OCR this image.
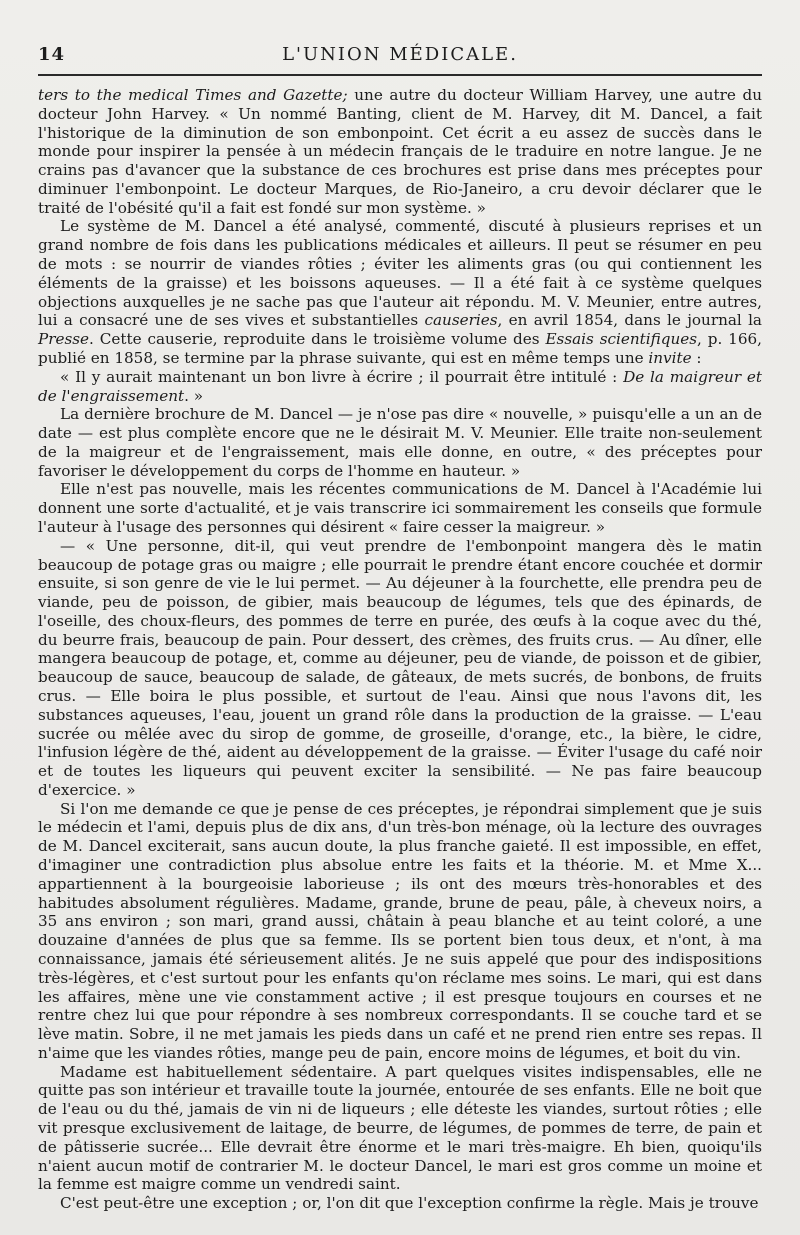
14	L'UNION MÉDICALE.

ters to the medical Times and Gazette; une autre du docteur William Harvey, une autre du docteur John Harvey. « Un nommé Banting, client de M. Harvey, dit M. Dancel, a fait l'historique de la diminution de son embonpoint. Cet écrit a eu assez de succès dans le monde pour inspirer la pensée à un médecin français de le traduire en notre langue. Je ne crains pas d'avancer que la substance de ces brochures est prise dans mes préceptes pour diminuer l'embonpoint. Le docteur Marques, de Rio-Janeiro, a cru devoir déclarer que le traité de l'obésité qu'il a fait est fondé sur mon système. »

Le système de M. Dancel a été analysé, commenté, discuté à plusieurs reprises et un grand nombre de fois dans les publications médicales et ailleurs. Il peut se résumer en peu de mots : se nourrir de viandes rôties ; éviter les aliments gras (ou qui contiennent les éléments de la graisse) et les boissons aqueuses. — Il a été fait à ce système quelques objections auxquelles je ne sache pas que l'auteur ait répondu. M. V. Meunier, entre autres, lui a consacré une de ses vives et substantielles causeries, en avril 1854, dans le journal la Presse. Cette causerie, reproduite dans le troisième volume des Essais scientifiques, p. 166, publié en 1858, se termine par la phrase suivante, qui est en même temps une invite :

« Il y aurait maintenant un bon livre à écrire ; il pourrait être intitulé : De la maigreur et de l'engraissement. »

La dernière brochure de M. Dancel — je n'ose pas dire « nouvelle, » puisqu'elle a un an de date — est plus complète encore que ne le désirait M. V. Meunier. Elle traite non-seulement de la maigreur et de l'engraissement, mais elle donne, en outre, « des préceptes pour favoriser le développement du corps de l'homme en hauteur. »

Elle n'est pas nouvelle, mais les récentes communications de M. Dancel à l'Académie lui donnent une sorte d'actualité, et je vais transcrire ici sommairement les conseils que formule l'auteur à l'usage des personnes qui désirent « faire cesser la maigreur. »

— « Une personne, dit-il, qui veut prendre de l'embonpoint mangera dès le matin beaucoup de potage gras ou maigre ; elle pourrait le prendre étant encore couchée et dormir ensuite, si son genre de vie le lui permet. — Au déjeuner à la fourchette, elle prendra peu de viande, peu de poisson, de gibier, mais beaucoup de légumes, tels que des épinards, de l'oseille, des choux-fleurs, des pommes de terre en purée, des œufs à la coque avec du thé, du beurre frais, beaucoup de pain. Pour dessert, des crèmes, des fruits crus. — Au dîner, elle mangera beaucoup de potage, et, comme au déjeuner, peu de viande, de poisson et de gibier, beaucoup de sauce, beaucoup de salade, de gâteaux, de mets sucrés, de bonbons, de fruits crus. — Elle boira le plus possible, et surtout de l'eau. Ainsi que nous l'avons dit, les substances aqueuses, l'eau, jouent un grand rôle dans la production de la graisse. — L'eau sucrée ou mêlée avec du sirop de gomme, de groseille, d'orange, etc., la bière, le cidre, l'infusion légère de thé, aident au développement de la graisse. — Éviter l'usage du café noir et de toutes les liqueurs qui peuvent exciter la sensibilité. — Ne pas faire beaucoup d'exercice. »

Si l'on me demande ce que je pense de ces préceptes, je répondrai simplement que je suis le médecin et l'ami, depuis plus de dix ans, d'un très-bon ménage, où la lecture des ouvrages de M. Dancel exciterait, sans aucun doute, la plus franche gaieté. Il est impossible, en effet, d'imaginer une contradiction plus absolue entre les faits et la théorie. M. et Mme X... appartiennent à la bourgeoisie laborieuse ; ils ont des mœurs très-honorables et des habitudes absolument régulières. Madame, grande, brune de peau, pâle, à cheveux noirs, a 35 ans environ ; son mari, grand aussi, châtain à peau blanche et au teint coloré, a une douzaine d'années de plus que sa femme. Ils se portent bien tous deux, et n'ont, à ma connaissance, jamais été sérieusement alités. Je ne suis appelé que pour des indispositions très-légères, et c'est surtout pour les enfants qu'on réclame mes soins. Le mari, qui est dans les affaires, mène une vie constamment active ; il est presque toujours en courses et ne rentre chez lui que pour répondre à ses nombreux correspondants. Il se couche tard et se lève matin. Sobre, il ne met jamais les pieds dans un café et ne prend rien entre ses repas. Il n'aime que les viandes rôties, mange peu de pain, encore moins de légumes, et boit du vin.

Madame est habituellement sédentaire. A part quelques visites indispensables, elle ne quitte pas son intérieur et travaille toute la journée, entourée de ses enfants. Elle ne boit que de l'eau ou du thé, jamais de vin ni de liqueurs ; elle déteste les viandes, surtout rôties ; elle vit presque exclusivement de laitage, de beurre, de légumes, de pommes de terre, de pain et de pâtisserie sucrée... Elle devrait être énorme et le mari très-maigre. Eh bien, quoiqu'ils n'aient aucun motif de contrarier M. le docteur Dancel, le mari est gros comme un moine et la femme est maigre comme un vendredi saint.

C'est peut-être une exception ; or, l'on dit que l'exception confirme la règle. Mais je trouve
